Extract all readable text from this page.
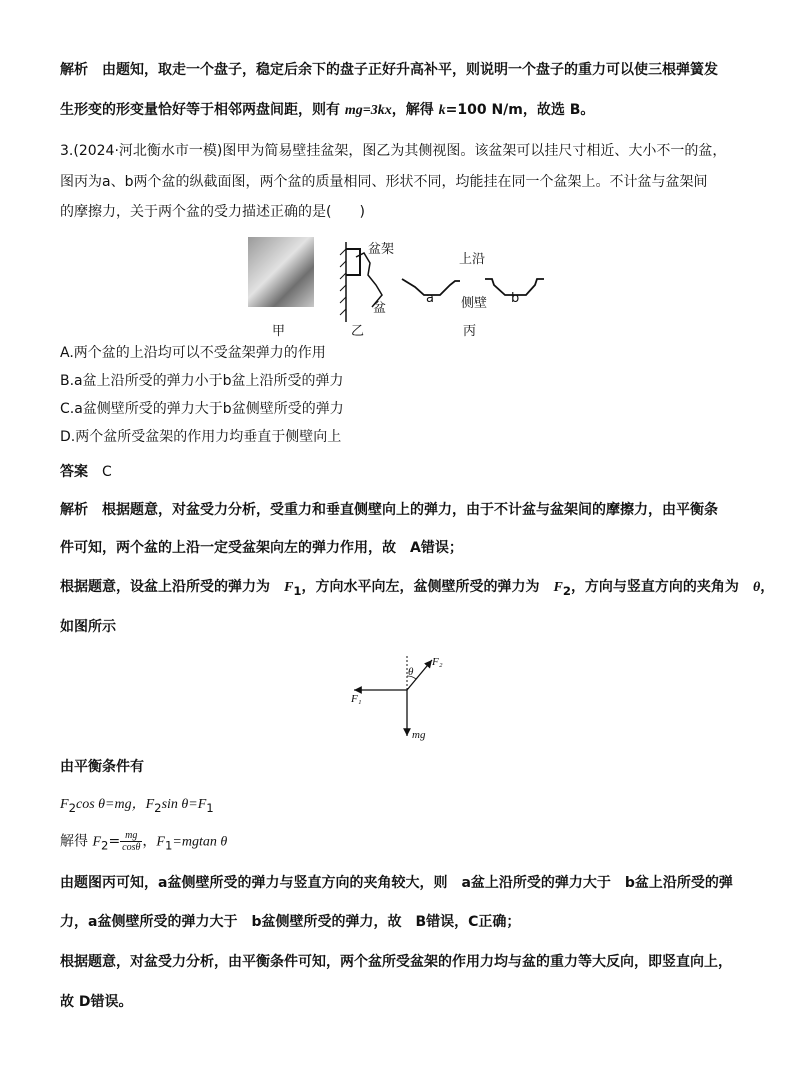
解析　由题知，取走一个盘子，稳定后余下的盘子正好升高补平，则说明一个盘子的重力可以使三根弹簧发
生形变的形变量恰好等于相邻两盘间距，则有 mg=3kx，解得 k=100 N/m，故选 B。
3.(2024·河北衡水市一模)图甲为简易壁挂盆架，图乙为其侧视图。该盆架可以挂尺寸相近、大小不一的盆，
图丙为a、b两个盆的纵截面图，两个盆的质量相同、形状不同，均能挂在同一个盆架上。不计盆与盆架间
的摩擦力，关于两个盆的受力描述正确的是(　　)
盆架
盆
上沿
侧壁
a	b
甲	乙	丙
A.两个盆的上沿均可以不受盆架弹力的作用
B.a盆上沿所受的弹力小于b盆上沿所受的弹力
C.a盆侧壁所受的弹力大于b盆侧壁所受的弹力
D.两个盆所受盆架的作用力均垂直于侧壁向上
答案 C
解析 根据题意，对盆受力分析，受重力和垂直侧壁向上的弹力，由于不计盆与盆架间的摩擦力，由平衡条
件可知，两个盆的上沿一定受盆架向左的弹力作用，故　A错误；
根据题意，设盆上沿所受的弹力为　$F_1$，方向水平向左，盆侧壁所受的弹力为　$F_2$，方向与竖直方向的夹角为　θ，
如图所示
F₂
θ
F₁
mg
由平衡条件有
$F_2\cos$ θ=mg，$F_2\sin$ $\theta=F_1$
解得 $F_2= \frac{mg}{\cos\theta}$ ，$F_1=mgtan$ θ
由题图丙可知，a盆侧壁所受的弹力与竖直方向的夹角较大，则　a盆上沿所受的弹力大于　b盆上沿所受的弹
力，a盆侧壁所受的弹力大于　b盆侧壁所受的弹力，故　B错误，C正确；
根据题意，对盆受力分析，由平衡条件可知，两个盆所受盆架的作用力均与盆的重力等大反向，即竖直向上，
故 D错误。
